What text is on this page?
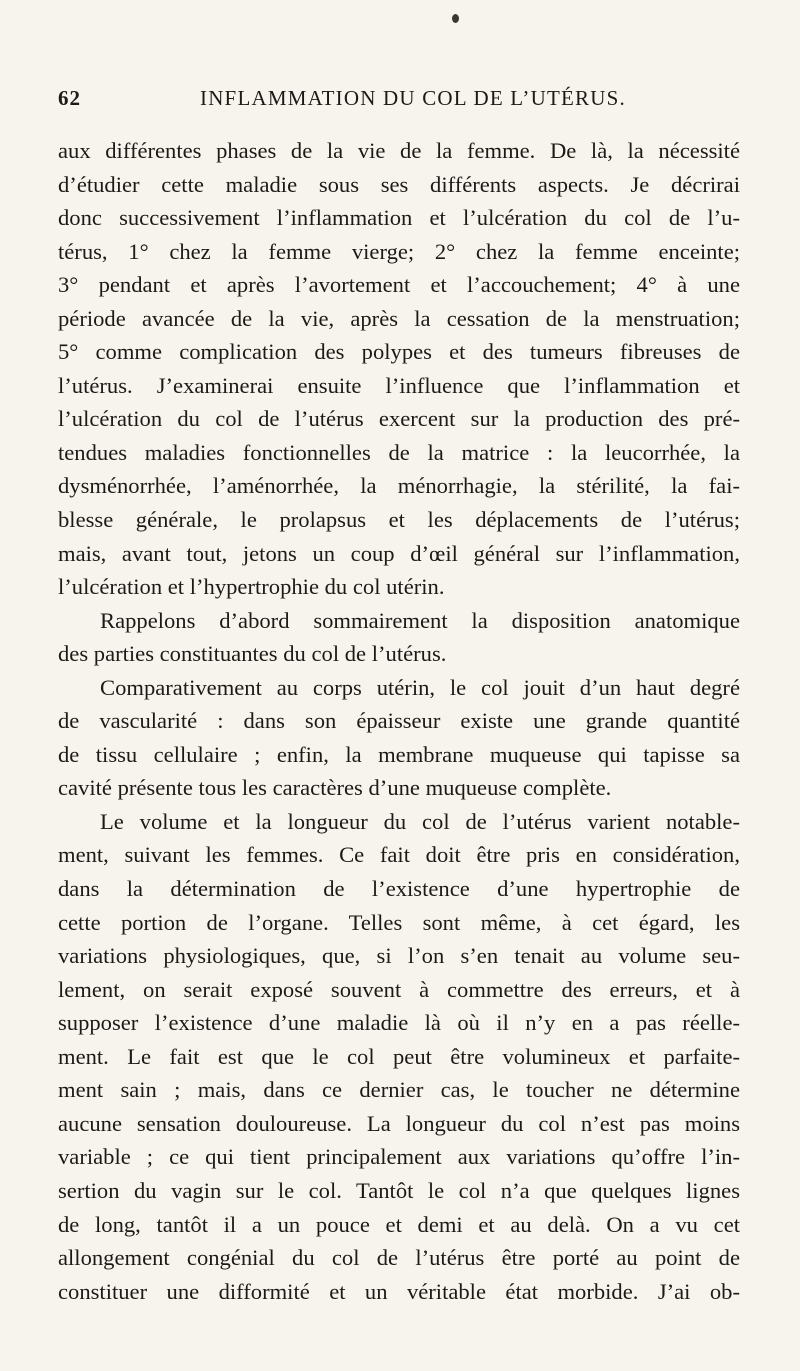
62	INFLAMMATION DU COL DE L’UTÉRUS.
aux différentes phases de la vie de la femme. De là, la nécessité
d’étudier cette maladie sous ses différents aspects. Je décrirai
donc successivement l’inflammation et l’ulcération du col de l’u-
térus, 1° chez la femme vierge; 2° chez la femme enceinte;
3° pendant et après l’avortement et l’accouchement; 4° à une
période avancée de la vie, après la cessation de la menstruation;
5° comme complication des polypes et des tumeurs fibreuses de
l’utérus. J’examinerai ensuite l’influence que l’inflammation et
l’ulcération du col de l’utérus exercent sur la production des pré-
tendues maladies fonctionnelles de la matrice : la leucorrhée, la
dysménorrhée, l’aménorrhée, la ménorrhagie, la stérilité, la fai-
blesse générale, le prolapsus et les déplacements de l’utérus;
mais, avant tout, jetons un coup d’œil général sur l’inflammation,
l’ulcération et l’hypertrophie du col utérin.
Rappelons d’abord sommairement la disposition anatomique
des parties constituantes du col de l’utérus.
Comparativement au corps utérin, le col jouit d’un haut degré
de vascularité : dans son épaisseur existe une grande quantité
de tissu cellulaire ; enfin, la membrane muqueuse qui tapisse sa
cavité présente tous les caractères d’une muqueuse complète.
Le volume et la longueur du col de l’utérus varient notable-
ment, suivant les femmes. Ce fait doit être pris en considération,
dans la détermination de l’existence d’une hypertrophie de
cette portion de l’organe. Telles sont même, à cet égard, les
variations physiologiques, que, si l’on s’en tenait au volume seu-
lement, on serait exposé souvent à commettre des erreurs, et à
supposer l’existence d’une maladie là où il n’y en a pas réelle-
ment. Le fait est que le col peut être volumineux et parfaite-
ment sain ; mais, dans ce dernier cas, le toucher ne détermine
aucune sensation douloureuse. La longueur du col n’est pas moins
variable ; ce qui tient principalement aux variations qu’offre l’in-
sertion du vagin sur le col. Tantôt le col n’a que quelques lignes
de long, tantôt il a un pouce et demi et au delà. On a vu cet
allongement congénial du col de l’utérus être porté au point de
constituer une difformité et un véritable état morbide. J’ai ob-
